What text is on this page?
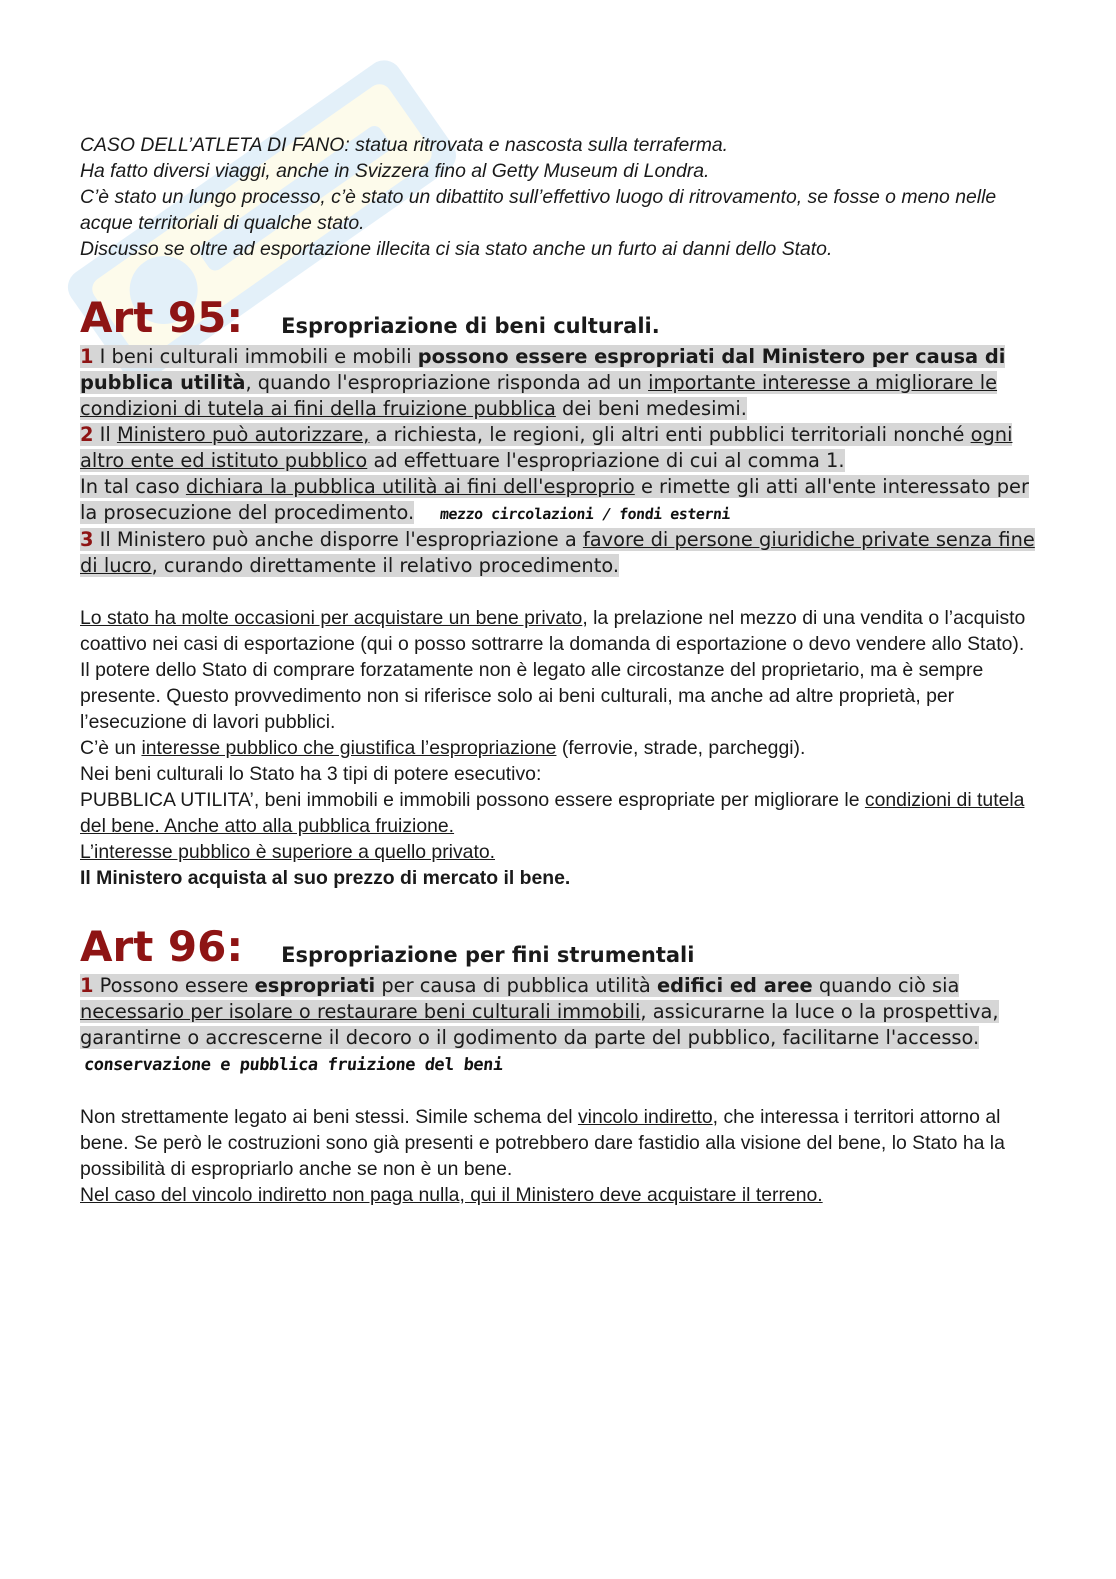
CASO DELL’ATLETA DI FANO: statua ritrovata e nascosta sulla terraferma.

Ha fatto diversi viaggi, anche in Svizzera fino al Getty Museum di Londra.

C’è stato un lungo processo, c’è stato un dibattito sull’effettivo luogo di ritrovamento, se fosse o meno nelle acque territoriali di qualche stato.

Discusso se oltre ad esportazione illecita ci sia stato anche un furto ai danni dello Stato.

Art 95: Espropriazione di beni culturali.

1 I beni culturali immobili e mobili possono essere espropriati dal Ministero per causa di pubblica utilità, quando l'espropriazione risponda ad un importante interesse a migliorare le condizioni di tutela ai fini della fruizione pubblica dei beni medesimi.

2 Il Ministero può autorizzare, a richiesta, le regioni, gli altri enti pubblici territoriali nonché ogni altro ente ed istituto pubblico ad effettuare l'espropriazione di cui al comma 1.

In tal caso dichiara la pubblica utilità ai fini dell'esproprio e rimette gli atti all'ente interessato per la prosecuzione del procedimento. mezzo circolazioni / fondi esterni

3 Il Ministero può anche disporre l'espropriazione a favore di persone giuridiche private senza fine di lucro, curando direttamente il relativo procedimento.

Lo stato ha molte occasioni per acquistare un bene privato, la prelazione nel mezzo di una vendita o l’acquisto coattivo nei casi di esportazione (qui o posso sottrarre la domanda di esportazione o devo vendere allo Stato).

Il potere dello Stato di comprare forzatamente non è legato alle circostanze del proprietario, ma è sempre presente. Questo provvedimento non si riferisce solo ai beni culturali, ma anche ad altre proprietà, per l’esecuzione di lavori pubblici.

C’è un interesse pubblico che giustifica l’espropriazione (ferrovie, strade, parcheggi).

Nei beni culturali lo Stato ha 3 tipi di potere esecutivo:

PUBBLICA UTILITA’, beni immobili e immobili possono essere espropriate per migliorare le condizioni di tutela del bene. Anche atto alla pubblica fruizione.

L’interesse pubblico è superiore a quello privato.

Il Ministero acquista al suo prezzo di mercato il bene.

Art 96: Espropriazione per fini strumentali

1 Possono essere espropriati per causa di pubblica utilità edifici ed aree quando ciò sia necessario per isolare o restaurare beni culturali immobili, assicurarne la luce o la prospettiva, garantirne o accrescerne il decoro o il godimento da parte del pubblico, facilitarne l'accesso.conservazione e pubblica fruizione del beni

Non strettamente legato ai beni stessi. Simile schema del vincolo indiretto, che interessa i territori attorno al bene. Se però le costruzioni sono già presenti e potrebbero dare fastidio alla visione del bene, lo Stato ha la possibilità di espropriarlo anche se non è un bene.

Nel caso del vincolo indiretto non paga nulla, qui il Ministero deve acquistare il terreno.
